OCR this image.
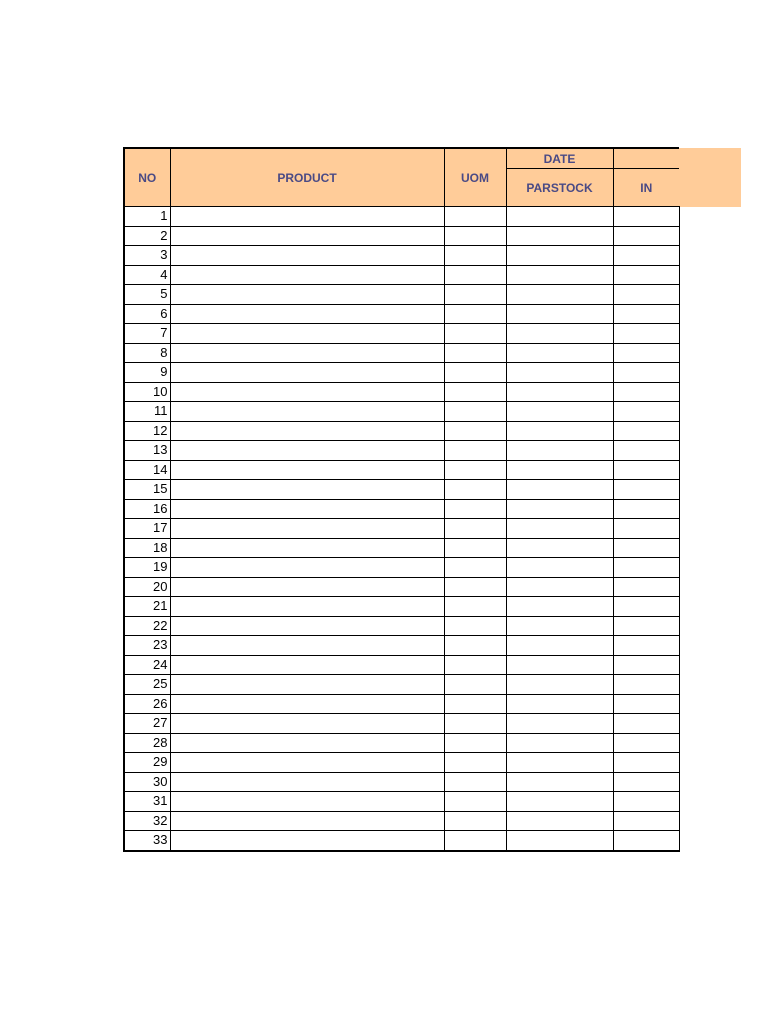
NO	PRODUCT	UOM	DATE	
			PARSTOCK	IN
1				
2				
3				
4				
5				
6				
7				
8				
9				
10				
11				
12				
13				
14				
15				
16				
17				
18				
19				
20				
21				
22				
23				
24				
25				
26				
27				
28				
29				
30				
31				
32				
33				
